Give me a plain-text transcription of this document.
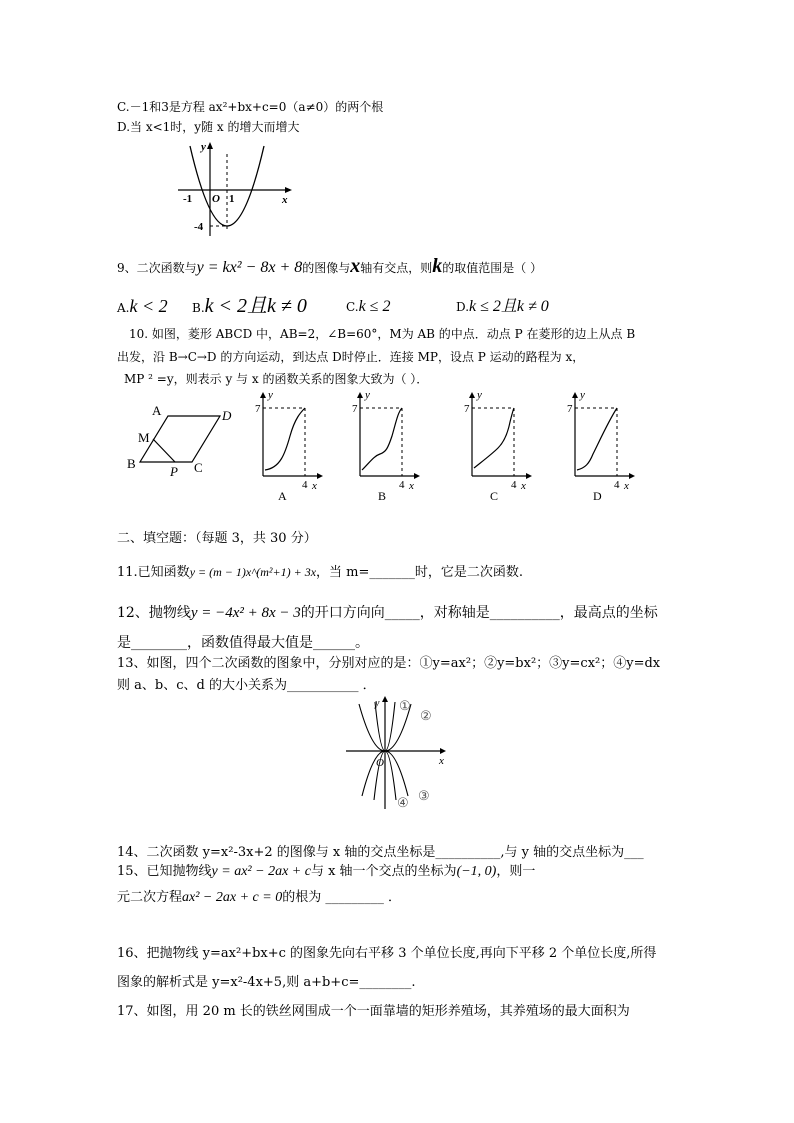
C.－1和3是方程 ax²+bx+c=0（a≠0）的两个根
D.当 x<1时，y随 x 的增大而增大
y
x
O
-1	1
-4
9、二次函数与y = kx² − 8x + 8的图像与x轴有交点，则k的取值范围是（ ）
A.k < 2 B.k < 2且k ≠ 0	C.k ≤ 2	D.k ≤ 2且k ≠ 0
10. 如图，菱形 ABCD 中，AB=2，∠B=60°，M为 AB 的中点．动点 P 在菱形的边上从点 B
出发，沿 B→C→D 的方向运动，到达点 D时停止．连接 MP，设点 P 运动的路程为 x，
MP ² =y，则表示 y 与 x 的函数关系的图象大致为（ ）．
A	D
M
B
P C
y
7
4 x
A
y
7
4 x
B
y
7
4 x
C
y
7
4 x
D
二、填空题：（每题 3，共 30 分）
11.已知函数y = (m − 1)x^(m²+1) + 3x，当 m=_______时，它是二次函数.
12、抛物线y = −4x² + 8x − 3的开口方向向_____，对称轴是__________，最高点的坐标
是________，函数值得最大值是______。
13、如图，四个二次函数的图象中，分别对应的是：①y=ax²；②y=bx²；③y=cx²；④y=dx
则 a、b、c、d 的大小关系为___________ ．
y
x
O
①
②
③
④
14、二次函数 y=x²-3x+2 的图像与 x 轴的交点坐标是__________,与 y 轴的交点坐标为___
15、已知抛物线y = ax² − 2ax + c与 x 轴一个交点的坐标为(−1, 0)，则一
元二次方程ax² − 2ax + c = 0的根为 _________ ．
16、把抛物线 y=ax²+bx+c 的图象先向右平移 3 个单位长度,再向下平移 2 个单位长度,所得
图象的解析式是 y=x²-4x+5,则 a+b+c=________.
17、如图，用 20 m 长的铁丝网围成一个一面靠墙的矩形养殖场，其养殖场的最大面积为
